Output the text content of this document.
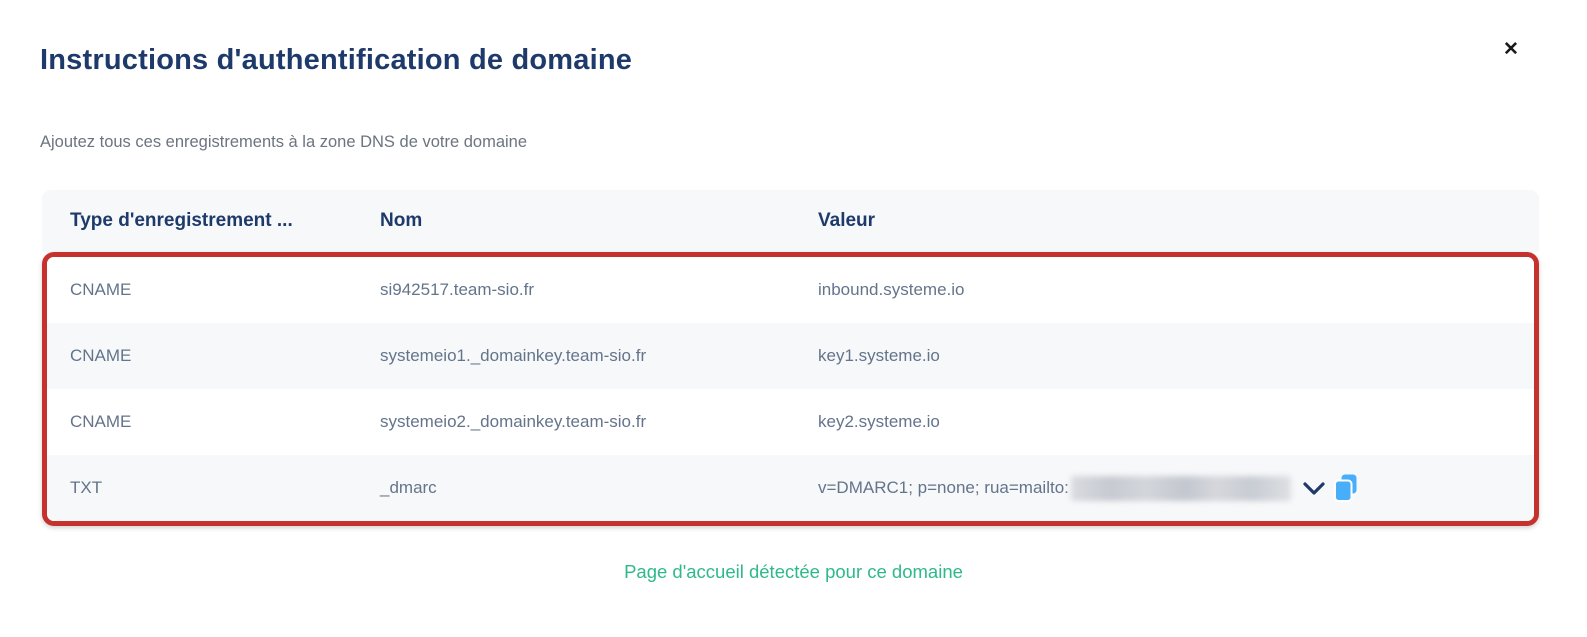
✕
Instructions d'authentification de domaine

Ajoutez tous ces enregistrements à la zone DNS de votre domaine

Type d'enregistrement ...	Nom	Valeur
CNAME	si942517.team-sio.fr	inbound.systeme.io
CNAME	systemeio1._domainkey.team-sio.fr	key1.systeme.io
CNAME	systemeio2._domainkey.team-sio.fr	key2.systeme.io
TXT	_dmarc	v=DMARC1; p=none; rua=mailto:
Page d'accueil détectée pour ce domaine
